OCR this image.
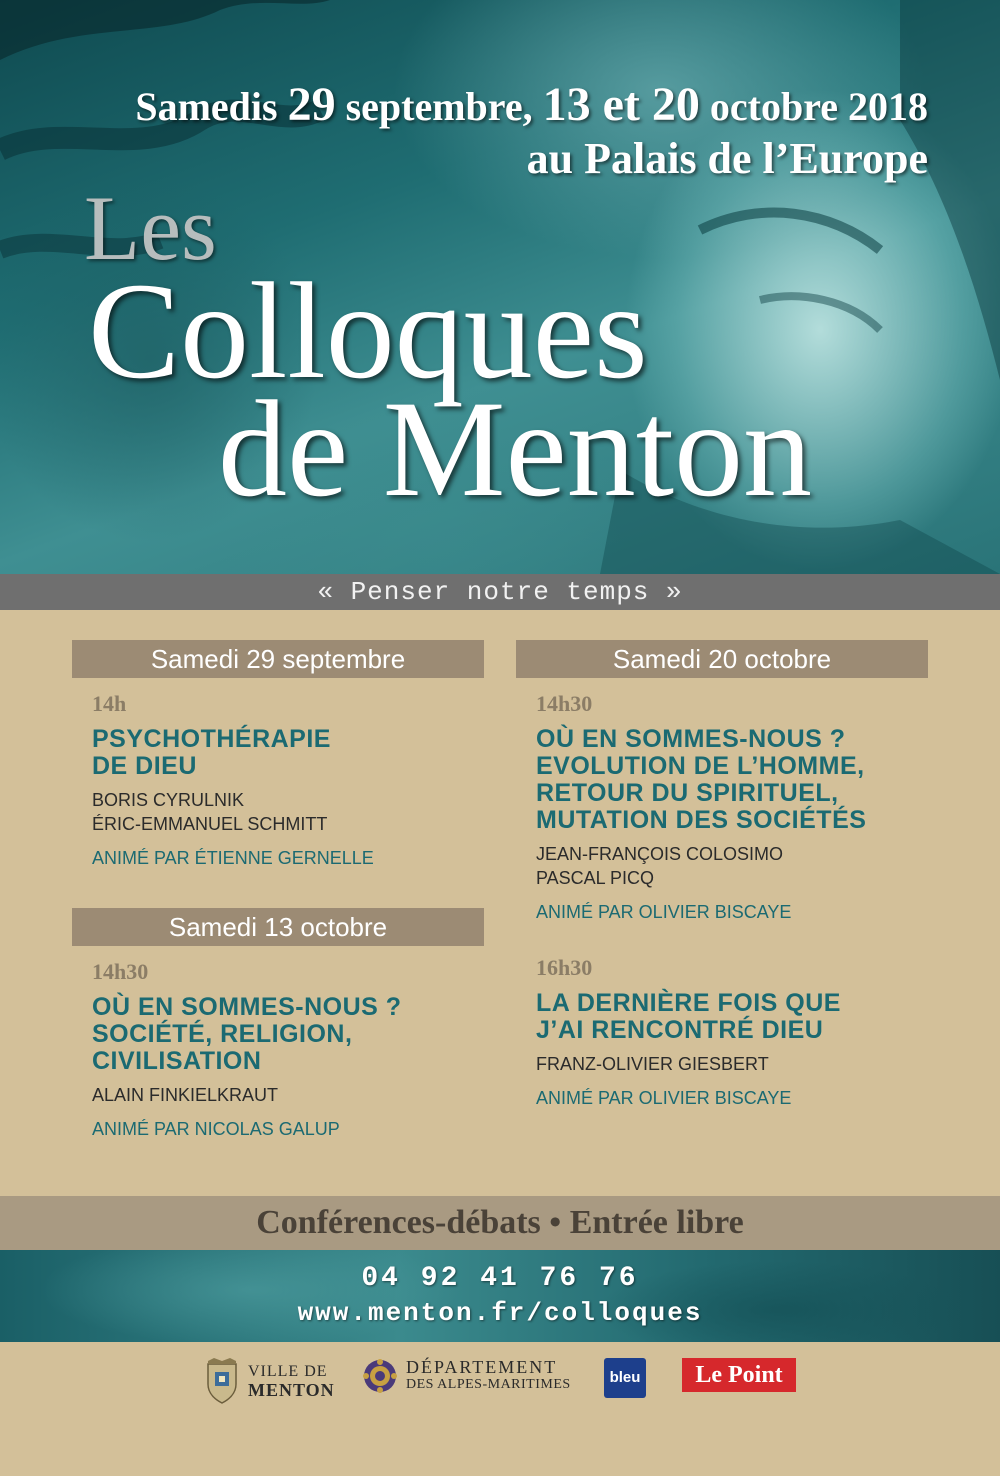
Samedis 29 septembre, 13 et 20 octobre 2018
au Palais de l’Europe
Les
Colloques
de Menton
« Penser notre temps »
Samedi 29 septembre
14h
PSYCHOTHÉRAPIE
DE DIEU
BORIS CYRULNIK
ÉRIC-EMMANUEL SCHMITT
ANIMÉ PAR ÉTIENNE GERNELLE
Samedi 13 octobre
14h30
OÙ EN SOMMES-NOUS ?
SOCIÉTÉ, RELIGION,
CIVILISATION
ALAIN FINKIELKRAUT
ANIMÉ PAR NICOLAS GALUP
Samedi 20 octobre
14h30
OÙ EN SOMMES-NOUS ?
EVOLUTION DE L’HOMME,
RETOUR DU SPIRITUEL,
MUTATION DES SOCIÉTÉS
JEAN-FRANÇOIS COLOSIMO
PASCAL PICQ
ANIMÉ PAR OLIVIER BISCAYE
16h30
LA DERNIÈRE FOIS QUE
J’AI RENCONTRÉ DIEU
FRANZ-OLIVIER GIESBERT
ANIMÉ PAR OLIVIER BISCAYE
Conférences-débats • Entrée libre
04 92 41 76 76
www.menton.fr/colloques
VILLE DE
MENTON
DÉPARTEMENT
DES ALPES-MARITIMES	bleu	Le Point
